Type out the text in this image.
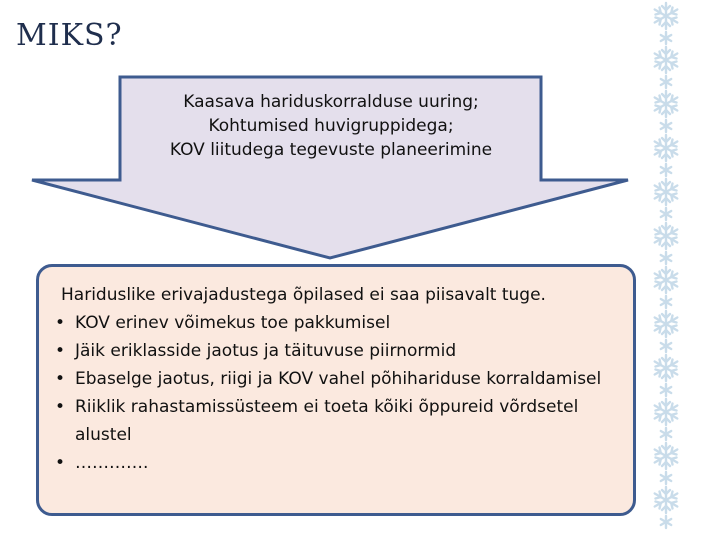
MIKS?
Kaasava hariduskorralduse uuring;
Kohtumised huvigruppidega;
KOV liitudega tegevuste planeerimine
Hariduslike erivajadustega õpilased ei saa piisavalt tuge.
• KOV erinev võimekus toe pakkumisel
• Jäik eriklasside jaotus ja täituvuse piirnormid
• Ebaselge jaotus, riigi ja KOV vahel põhihariduse korraldamisel
• Riiklik rahastamissüsteem ei toeta kõiki õppureid võrdsetel alustel
• ………….
